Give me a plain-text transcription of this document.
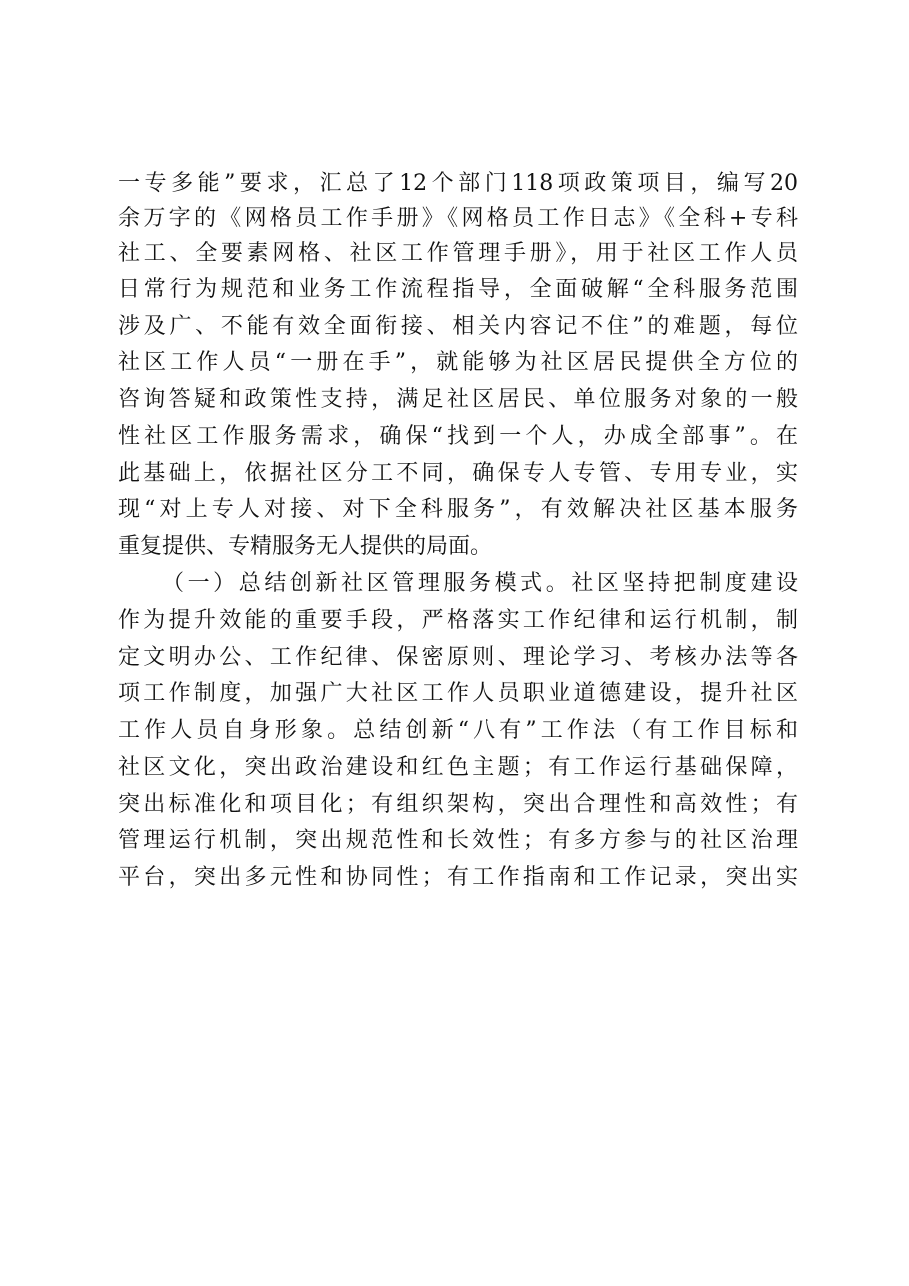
一专多能”要求，汇总了12个部门118项政策项目，编写20
余万字的《网格员工作手册》《网格员工作日志》《全科+专科
社工、全要素网格、社区工作管理手册》，用于社区工作人员
日常行为规范和业务工作流程指导，全面破解“全科服务范围
涉及广、不能有效全面衔接、相关内容记不住”的难题，每位
社区工作人员“一册在手”，就能够为社区居民提供全方位的
咨询答疑和政策性支持，满足社区居民、单位服务对象的一般
性社区工作服务需求，确保“找到一个人，办成全部事”。在
此基础上，依据社区分工不同，确保专人专管、专用专业，实
现“对上专人对接、对下全科服务”，有效解决社区基本服务
重复提供、专精服务无人提供的局面。
（一）总结创新社区管理服务模式。社区坚持把制度建设
作为提升效能的重要手段，严格落实工作纪律和运行机制，制
定文明办公、工作纪律、保密原则、理论学习、考核办法等各
项工作制度，加强广大社区工作人员职业道德建设，提升社区
工作人员自身形象。总结创新“八有”工作法（有工作目标和
社区文化，突出政治建设和红色主题；有工作运行基础保障，
突出标准化和项目化；有组织架构，突出合理性和高效性；有
管理运行机制，突出规范性和长效性；有多方参与的社区治理
平台，突出多元性和协同性；有工作指南和工作记录，突出实
